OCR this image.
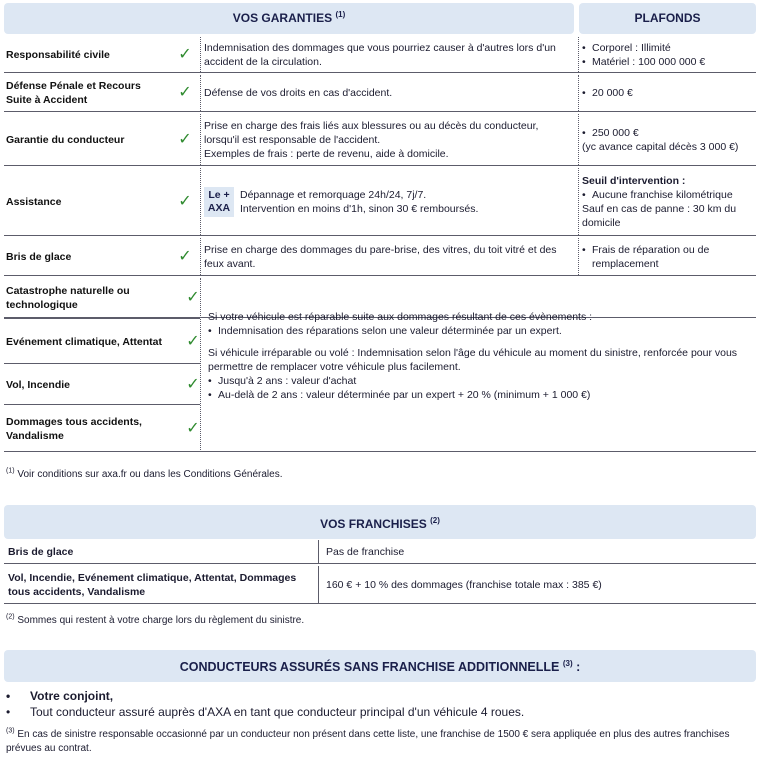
VOS GARANTIES $^{(1)}$	PLAFONDS
Responsabilité civile	✓	Indemnisation des dommages que vous pourriez causer à d'autres lors d'un accident de la circulation.
• Corporel : Illimité
• Matériel : 100 000 000 €
Défense Pénale et Recours Suite à Accident	✓	Défense de vos droits en cas d'accident.
•	20 000 €
Garantie du conducteur	✓
Prise en charge des frais liés aux blessures ou au décès du conducteur, lorsqu'il est responsable de l'accident.
Exemples de frais : perte de revenu, aide à domicile.
• 250 000 €
(yc avance capital décès 3 000 €)
Assistance	✓	Le + AXA
Dépannage et remorquage 24h/24, 7j/7.
Intervention en moins d'1h, sinon 30 € remboursés.
Seuil d'intervention :
• Aucune franchise kilométrique
Sauf en cas de panne : 30 km du domicile
Bris de glace	✓	Prise en charge des dommages du pare-brise, des vitres, du toit vitré et des feux avant.
• Frais de réparation ou de remplacement
Catastrophe naturelle ou technologique	✓
Evénement climatique, Attentat	✓
Vol, Incendie	✓
Dommages tous accidents, Vandalisme	✓
Si votre véhicule est réparable suite aux dommages résultant de ces évènements :
• Indemnisation des réparations selon une valeur déterminée par un expert.
Si véhicule irréparable ou volé : Indemnisation selon l'âge du véhicule au moment du sinistre, renforcée pour vous permettre de remplacer votre véhicule plus facilement.
• Jusqu'à 2 ans : valeur d'achat
• Au-delà de 2 ans : valeur déterminée par un expert + 20 % (minimum + 1 000 €)
$^{(1)}$ Voir conditions sur axa.fr ou dans les Conditions Générales.
VOS FRANCHISES $^{(2)}$
Bris de glace	Pas de franchise
Vol, Incendie, Evénement climatique, Attentat, Dommages tous accidents, Vandalisme
160 € + 10 % des dommages (franchise totale max : 385 €)
$^{(2)}$ Sommes qui restent à votre charge lors du règlement du sinistre.
CONDUCTEURS ASSURÉS SANS FRANCHISE ADDITIONNELLE $^{(3)}$ :
• Votre conjoint,
• Tout conducteur assuré auprès d'AXA en tant que conducteur principal d'un véhicule 4 roues.
$^{(3)}$ En cas de sinistre responsable occasionné par un conducteur non présent dans cette liste, une franchise de 1500 € sera appliquée en plus des autres franchises prévues au contrat.
